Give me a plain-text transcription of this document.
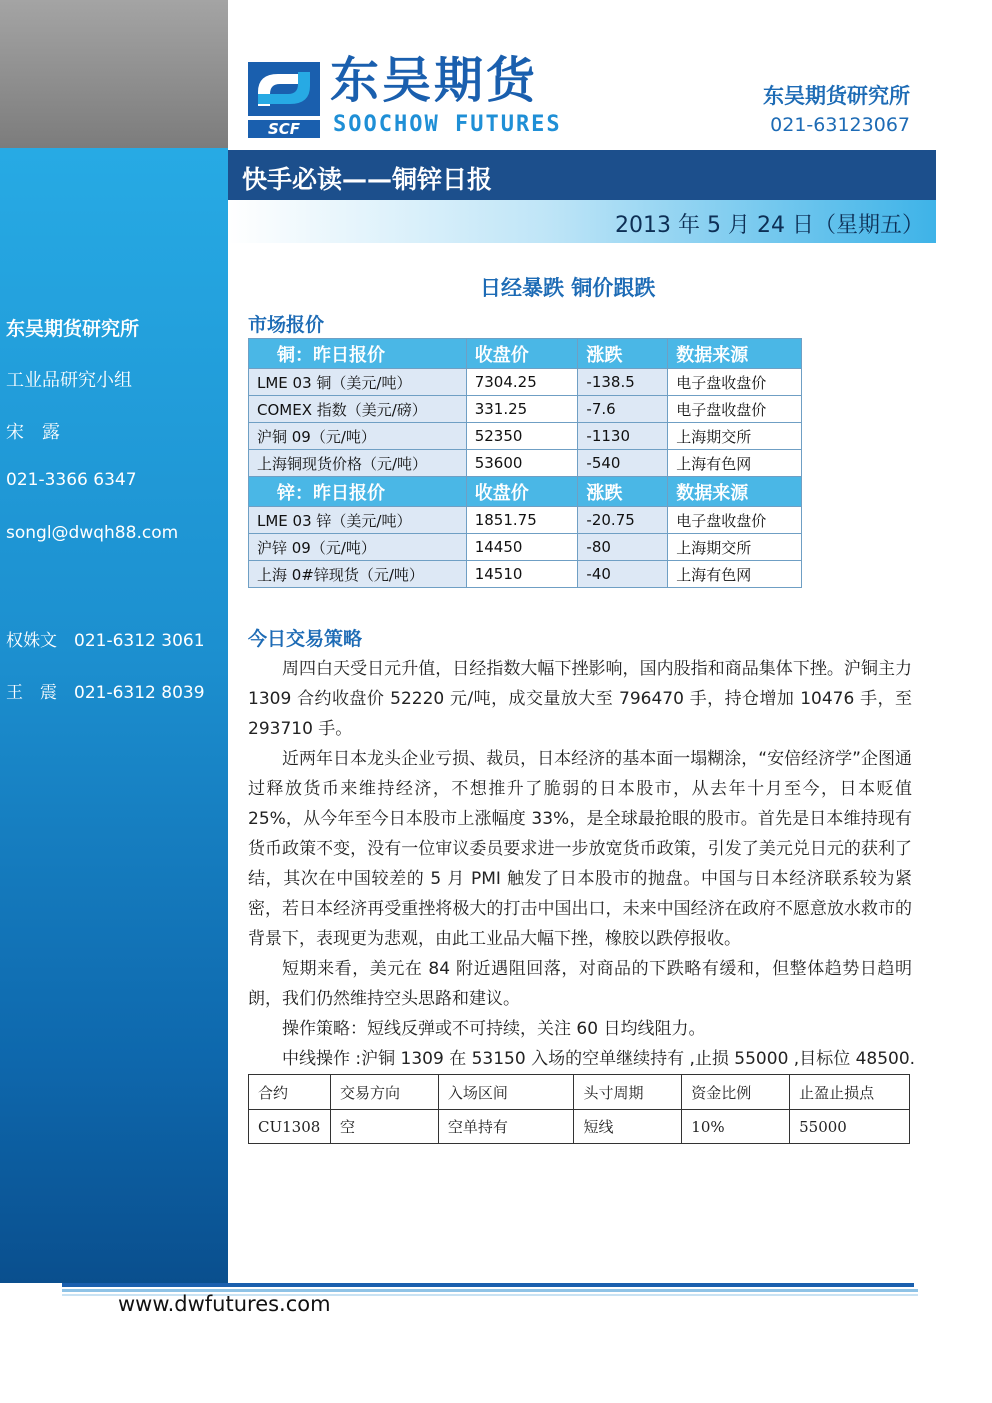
东吴期货研究所
工业品研究小组
宋　露
021-3366 6347
songl@dwqh88.com
权姝文　021-6312 3061
王　震　021-6312 8039
SCF
东吴期货
SOOCHOW FUTURES
东吴期货研究所
021-63123067
快手必读——铜锌日报
2013 年 5 月 24 日（星期五）
日经暴跌 铜价跟跌
市场报价
铜：昨日报价	收盘价	涨跌	数据来源
LME 03 铜（美元/吨）	7304.25	-138.5	电子盘收盘价
COMEX 指数（美元/磅）	331.25	-7.6	电子盘收盘价
沪铜 09（元/吨）	52350	-1130	上海期交所
上海铜现货价格（元/吨）	53600	-540	上海有色网
锌：昨日报价	收盘价	涨跌	数据来源
LME 03 锌（美元/吨）	1851.75	-20.75	电子盘收盘价
沪锌 09（元/吨）	14450	-80	上海期交所
上海 0#锌现货（元/吨）	14510	-40	上海有色网
今日交易策略
周四白天受日元升值，日经指数大幅下挫影响，国内股指和商品集体下挫。沪铜主力 1309 合约收盘价 52220 元/吨，成交量放大至 796470 手，持仓增加 10476 手，至 293710 手。
近两年日本龙头企业亏损、裁员，日本经济的基本面一塌糊涂，“安倍经济学”企图通过释放货币来维持经济，不想推升了脆弱的日本股市，从去年十月至今，日本贬值 25%，从今年至今日本股市上涨幅度 33%，是全球最抢眼的股市。首先是日本维持现有货币政策不变，没有一位审议委员要求进一步放宽货币政策，引发了美元兑日元的获利了结，其次在中国较差的 5 月 PMI 触发了日本股市的抛盘。中国与日本经济联系较为紧密，若日本经济再受重挫将极大的打击中国出口，未来中国经济在政府不愿意放水救市的背景下，表现更为悲观，由此工业品大幅下挫，橡胶以跌停报收。
短期来看，美元在 84 附近遇阻回落，对商品的下跌略有缓和，但整体趋势日趋明朗，我们仍然维持空头思路和建议。
操作策略：短线反弹或不可持续，关注 60 日均线阻力。
中线操作 :沪铜 1309 在 53150 入场的空单继续持有 ,止损 55000 ,目标位 48500.
合约	交易方向	入场区间	头寸周期	资金比例	止盈止损点
CU1308	空	空单持有	短线	10%	55000
www.dwfutures.com
